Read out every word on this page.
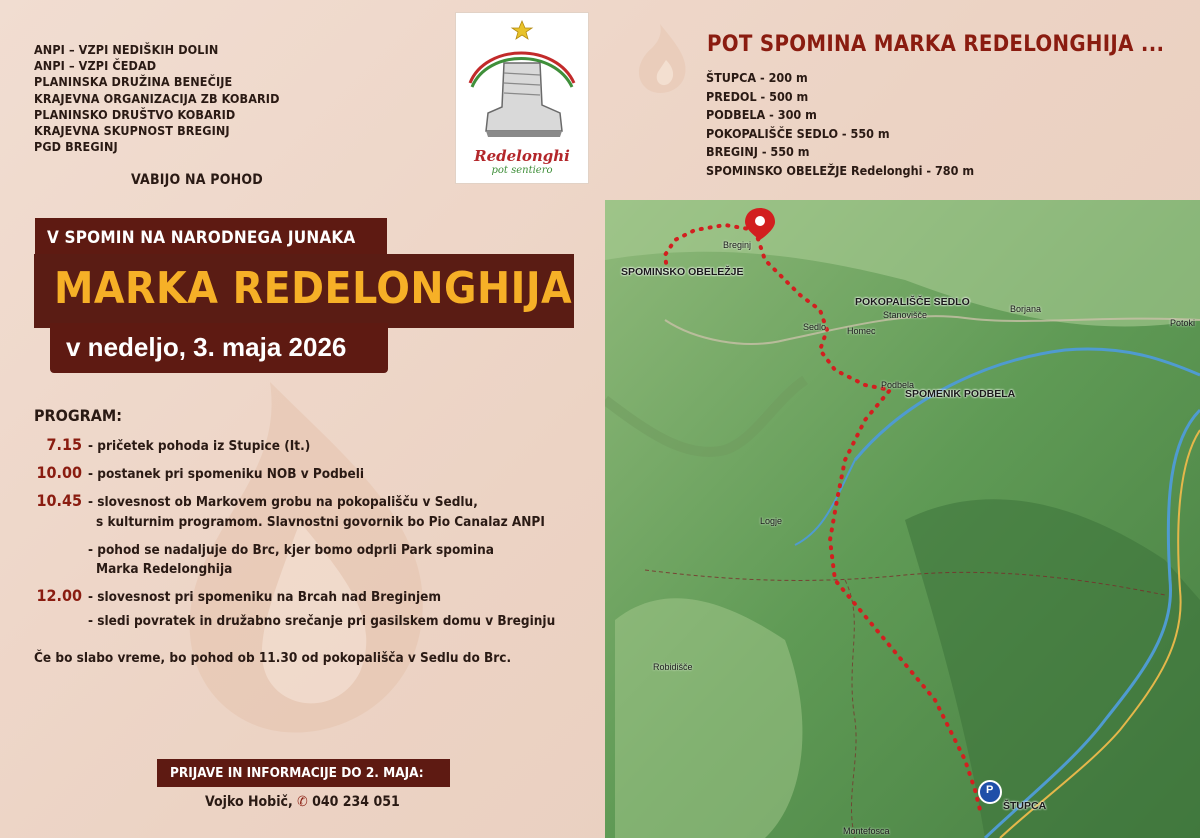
ANPI – VZPI NEDIŠKIH DOLIN
ANPI – VZPI ČEDAD
PLANINSKA DRUŽINA BENEČIJE
KRAJEVNA ORGANIZACIJA ZB KOBARID
PLANINSKO DRUŠTVO KOBARID
KRAJEVNA SKUPNOST BREGINJ
PGD BREGINJ
VABIJO NA POHOD
Redelonghi
pot sentiero
V SPOMIN NA NARODNEGA JUNAKA
MARKA REDELONGHIJA
v nedeljo, 3. maja 2026
PROGRAM:
7.15 - pričetek pohoda iz Stupice (It.)
10.00 - postanek pri spomeniku NOB v Podbeli
10.45 - slovesnost ob Markovem grobu na pokopališču v Sedlu,
s kulturnim programom. Slavnostni govornik bo Pio Canalaz ANPI
- pohod se nadaljuje do Brc, kjer bomo odprli Park spomina
Marka Redelonghija
12.00 - slovesnost pri spomeniku na Brcah nad Breginjem
- sledi povratek in družabno srečanje pri gasilskem domu v Breginju
Če bo slabo vreme, bo pohod ob 11.30 od pokopališča v Sedlu do Brc.
PRIJAVE IN INFORMACIJE DO 2. MAJA:
Vojko Hobič, ✆ 040 234 051
POT SPOMINA MARKA REDELONGHIJA ...
ŠTUPCA - 200 m
PREDOL - 500 m
PODBELA - 300 m
POKOPALIŠČE SEDLO - 550 m
BREGINJ - 550 m
SPOMINSKO OBELEŽJE Redelonghi - 780 m
SPOMINSKO OBELEŽJE
POKOPALIŠČE SEDLO
SPOMENIK PODBELA
ŠTUPCA
P
Breginj
Sedlo Homec
Stanovišče
Borjana
Potoki
Podbela
Logje
Robidišče
Montefosca
